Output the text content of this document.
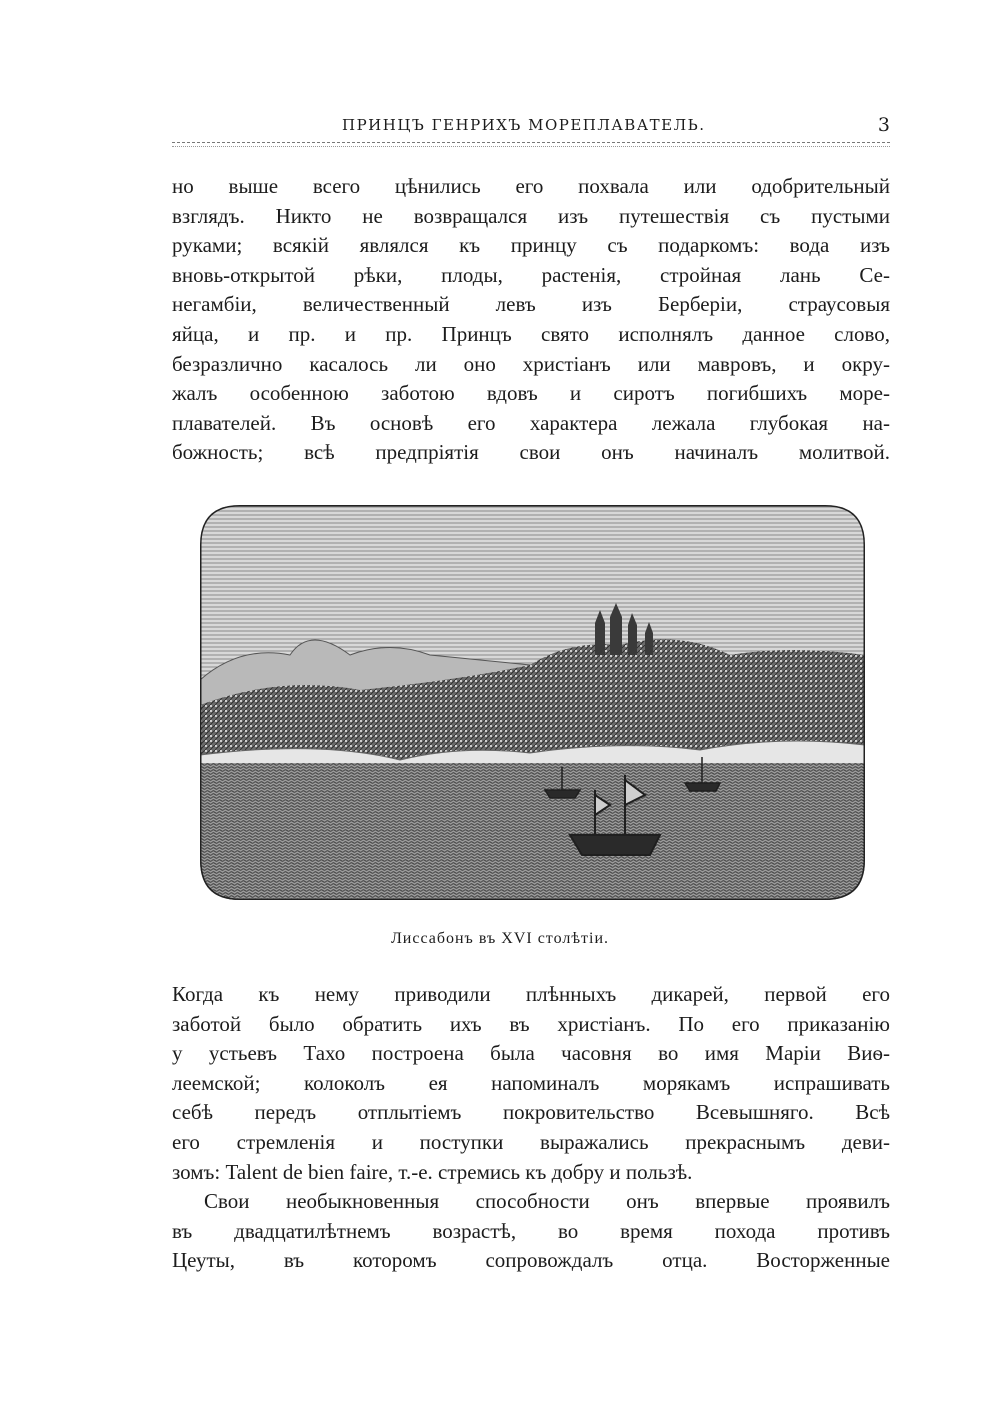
ПРИНЦЪ ГЕНРИХЪ МОРЕПЛАВАТЕЛЬ.	3
но выше всего цѣнились его похвала или одобрительный
взглядъ. Никто не возвращался изъ путешествія съ пустыми
руками; всякій являлся къ принцу съ подаркомъ: вода изъ
вновь-открытой рѣки, плоды, растенія, стройная лань Се-
негамбіи, величественный левъ изъ Берберіи, страусовыя
яйца, и пр. и пр. Принцъ свято исполнялъ данное слово,
безразлично касалось ли оно христіанъ или мавровъ, и окру-
жалъ особенною заботою вдовъ и сиротъ погибшихъ море-
плавателей. Въ основѣ его характера лежала глубокая на-
божность; всѣ предпріятія свои онъ начиналъ молитвой.
Лиссабонъ въ XVI столѣтіи.
Когда къ нему приводили плѣнныхъ дикарей, первой его
заботой было обратить ихъ въ христіанъ. По его приказанію
у устьевъ Тахо построена была часовня во имя Маріи Виѳ-
леемской; колоколъ ея напоминалъ морякамъ испрашивать
себѣ передъ отплытіемъ покровительство Всевышняго. Всѣ
его стремленія и поступки выражались прекраснымъ деви-
зомъ: Talent de bien faire, т.-е. стремись къ добру и пользѣ.
Свои необыкновенныя способности онъ впервые проявилъ
въ двадцатилѣтнемъ возрастѣ, во время похода противъ
Цеуты, въ которомъ сопровождалъ отца. Восторженные
